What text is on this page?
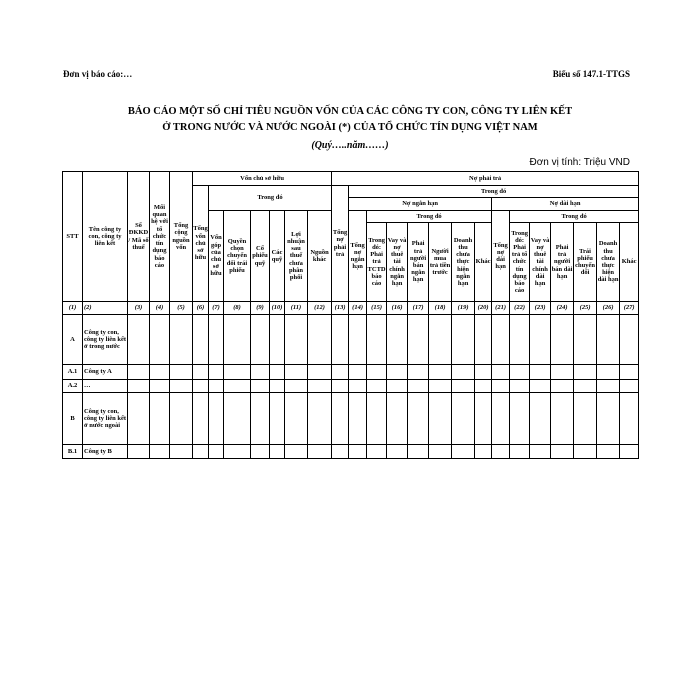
Đơn vị báo cáo:…	Biểu số 147.1-TTGS
BÁO CÁO MỘT SỐ CHỈ TIÊU NGUỒN VỐN CỦA CÁC CÔNG TY CON, CÔNG TY LIÊN KẾT
Ở TRONG NƯỚC VÀ NƯỚC NGOÀI (*) CỦA TỔ CHỨC TÍN DỤNG VIỆT NAM
(Quý…..năm……)
Đơn vị tính: Triệu VND
STT	Tên công ty con, công ty liên kết	Số ĐKKD/ Mã số thuế	Mối quan hệ với tổ chức tín dụng báo cáo	Tổng cộng nguồn vốn	Vốn chủ sở hữu							Nợ phải trả														
					Tổng vốn chủ sở hữu	Trong đó						Tổng nợ phải trả	Trong đó													
													Nợ ngắn hạn							Nợ dài hạn						
						Vốn góp của chủ sở hữu	Quyền chọn chuyển đổi trái phiếu	Cổ phiếu quỹ	Các quỹ	Lợi nhuận sau thuế chưa phân phối	Nguồn khác		Tổng nợ ngắn hạn	Trong đó						Tổng nợ dài hạn	Trong đó					
														Trong đó: Phải trả TCTD báo cáo	Vay và nợ thuê tài chính ngắn hạn	Phải trả người bán ngắn hạn	Người mua trả tiền trước	Doanh thu chưa thực hiện ngắn hạn	Khác		Trong đó: Phải trả tổ chức tín dụng báo cáo	Vay và nợ thuê tài chính dài hạn	Phải trả người bán dài hạn	Trái phiếu chuyển đổi	Doanh thu chưa thực hiện dài hạn	Khác
(1)	(2)	(3)	(4)	(5)	(6)	(7)	(8)	(9)	(10)	(11)	(12)	(13)	(14)	(15)	(16)	(17)	(18)	(19)	(20)	(21)	(22)	(23)	(24)	(25)	(26)	(27)
A	Công ty con, công ty liên kết ở trong nước																									
A.1	Công ty A																									
A.2	…																									
B	Công ty con, công ty liên kết ở nước ngoài																									
B.1	Công ty B																									
